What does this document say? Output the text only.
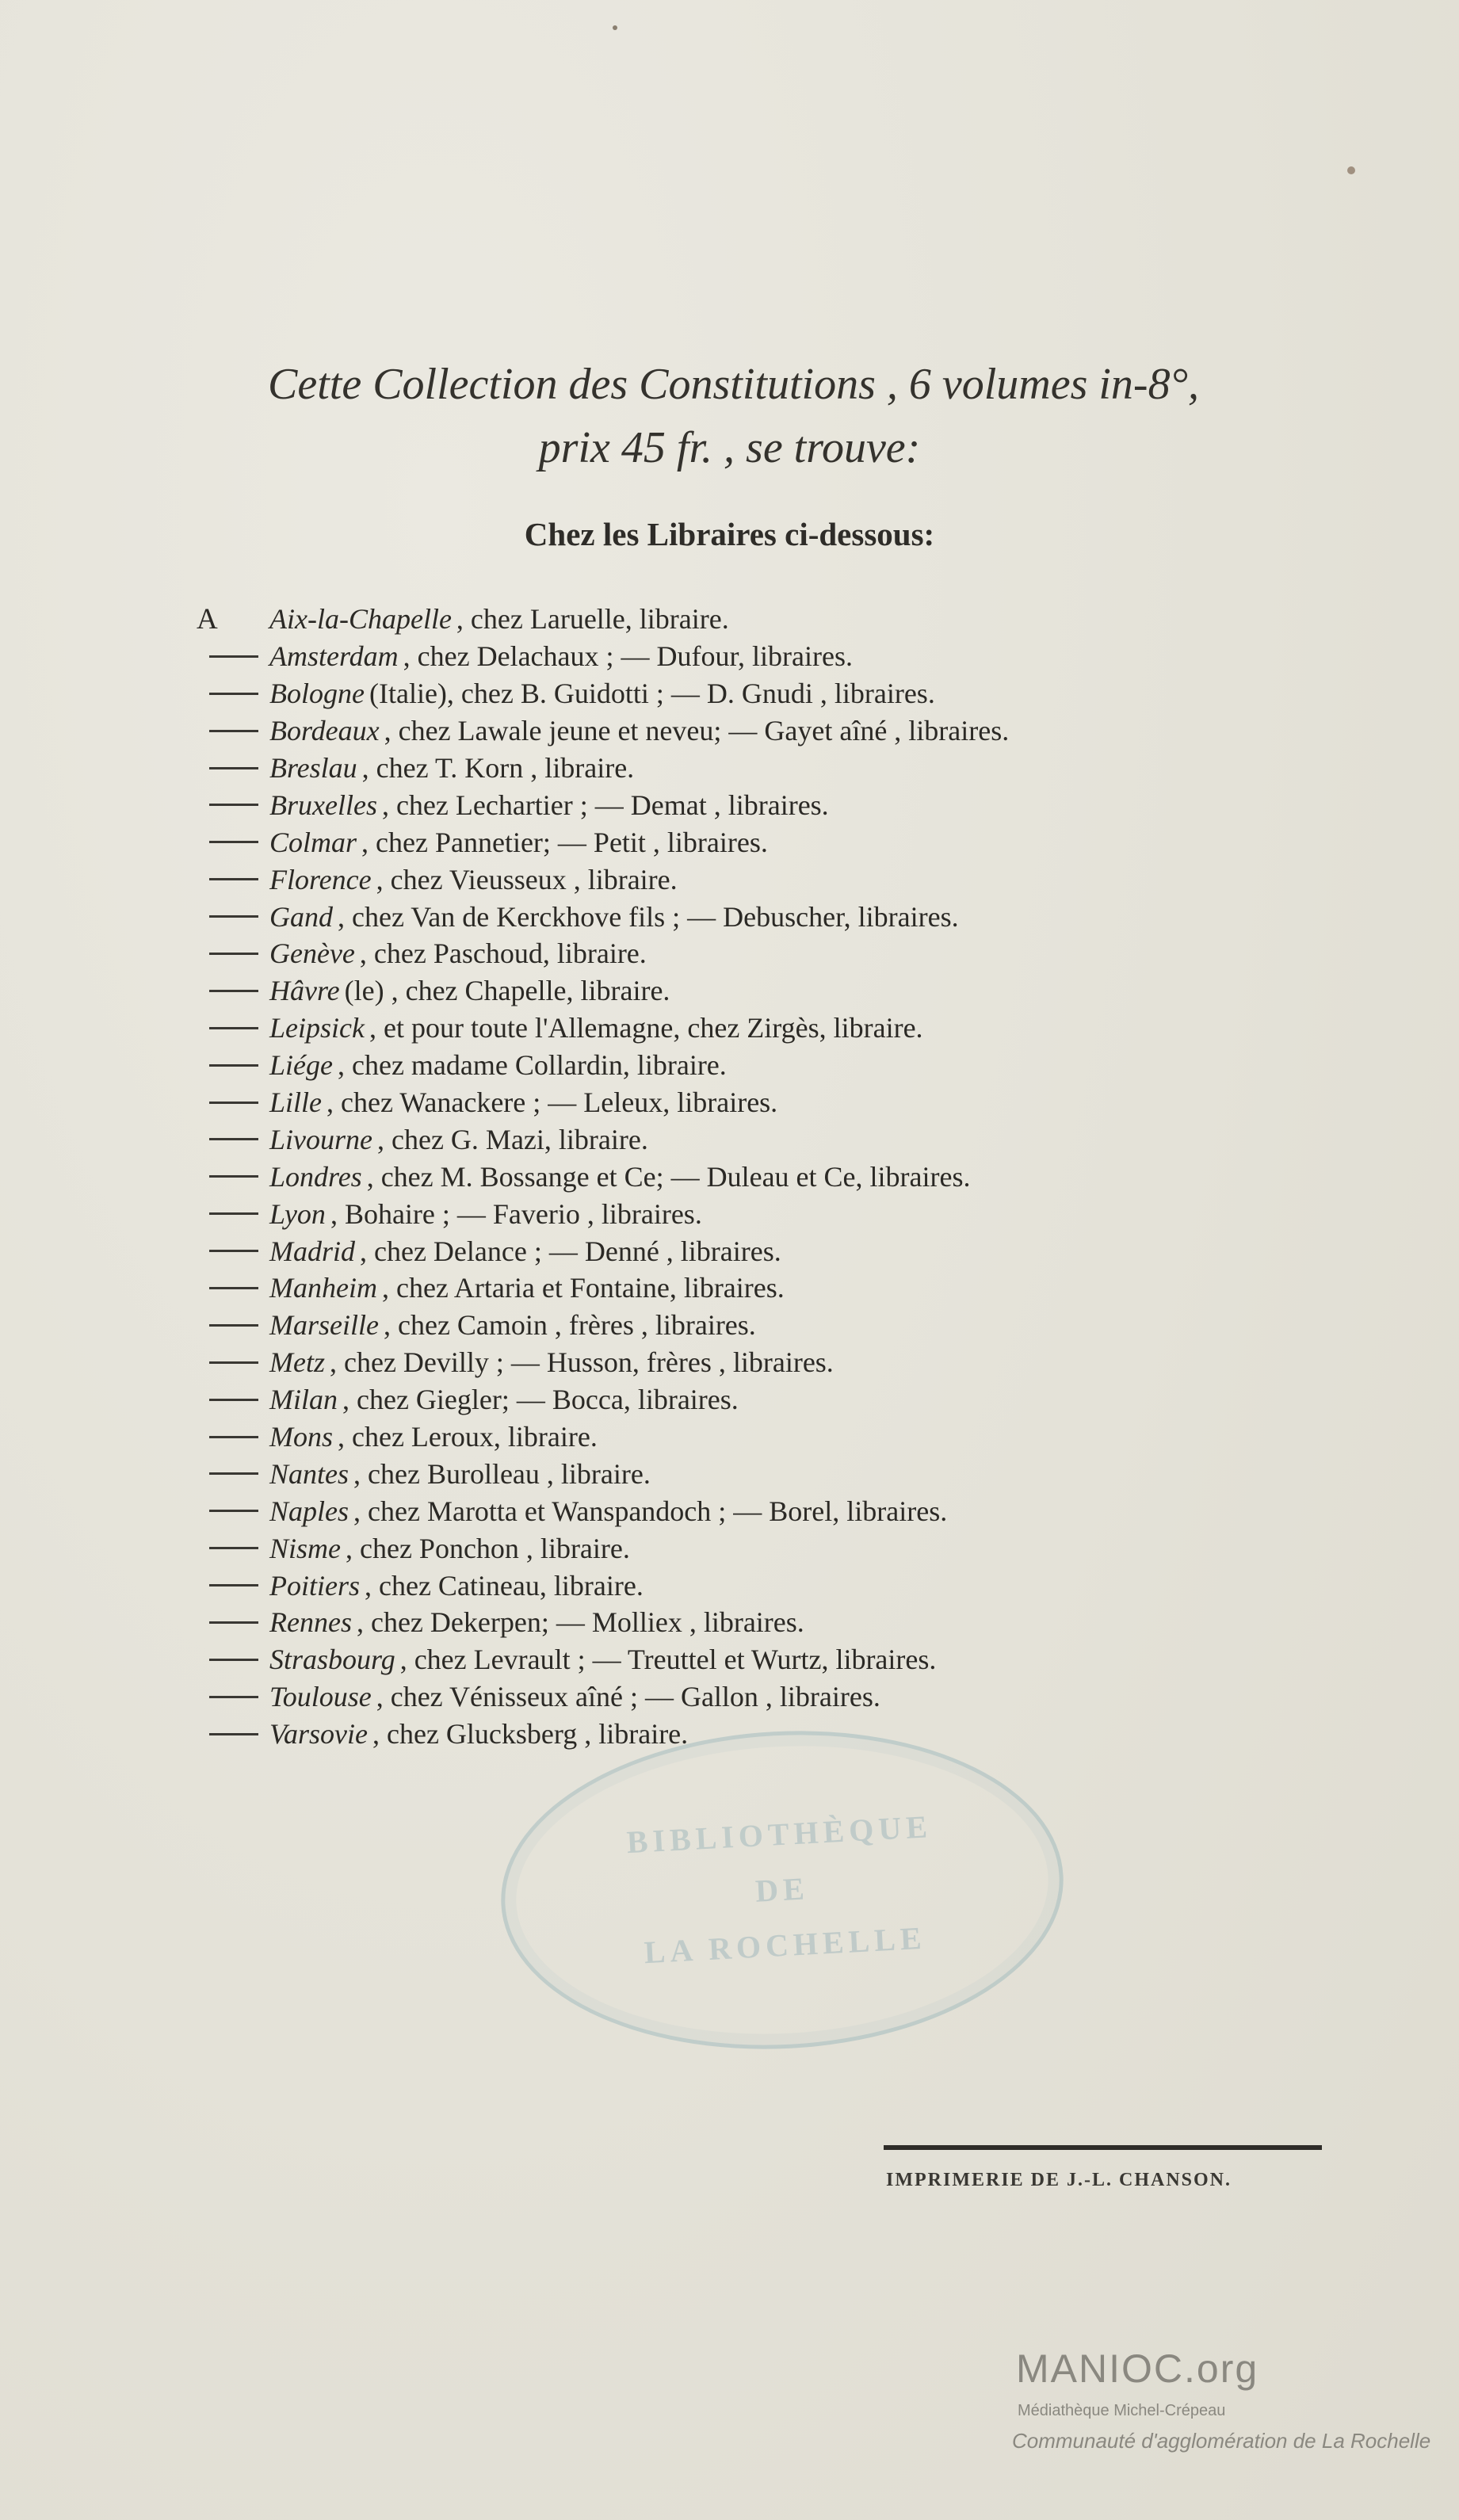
Cette Collection des Constitutions , 6 volumes in-8°,
prix 45 fr. , se trouve:
Chez les Libraires ci-dessous:
A Aix-la-Chapelle , chez Laruelle, libraire.
Amsterdam , chez Delachaux ; — Dufour, libraires.
Bologne (Italie), chez B. Guidotti ; — D. Gnudi , libraires.
Bordeaux , chez Lawale jeune et neveu; — Gayet aîné , libraires.
Breslau , chez T. Korn , libraire.
Bruxelles , chez Lechartier ; — Demat , libraires.
Colmar , chez Pannetier; — Petit , libraires.
Florence , chez Vieusseux , libraire.
Gand , chez Van de Kerckhove fils ; — Debuscher, libraires.
Genève , chez Paschoud, libraire.
Hâvre (le) , chez Chapelle, libraire.
Leipsick , et pour toute l'Allemagne, chez Zirgès, libraire.
Liége , chez madame Collardin, libraire.
Lille , chez Wanackere ; — Leleux, libraires.
Livourne , chez G. Mazi, libraire.
Londres , chez M. Bossange et Ce; — Duleau et Ce, libraires.
Lyon , Bohaire ; — Faverio , libraires.
Madrid , chez Delance ; — Denné , libraires.
Manheim , chez Artaria et Fontaine, libraires.
Marseille , chez Camoin , frères , libraires.
Metz , chez Devilly ; — Husson, frères , libraires.
Milan , chez Giegler; — Bocca, libraires.
Mons , chez Leroux, libraire.
Nantes , chez Burolleau , libraire.
Naples , chez Marotta et Wanspandoch ; — Borel, libraires.
Nisme , chez Ponchon , libraire.
Poitiers , chez Catineau, libraire.
Rennes , chez Dekerpen; — Molliex , libraires.
Strasbourg , chez Levrault ; — Treuttel et Wurtz, libraires.
Toulouse , chez Vénisseux aîné ; — Gallon , libraires.
Varsovie , chez Glucksberg , libraire.
BIBLIOTHÈQUE
DE
LA ROCHELLE
IMPRIMERIE DE J.-L. CHANSON.
MANIOC.org
Médiathèque Michel-Crépeau
Communauté d'agglomération de La Rochelle
